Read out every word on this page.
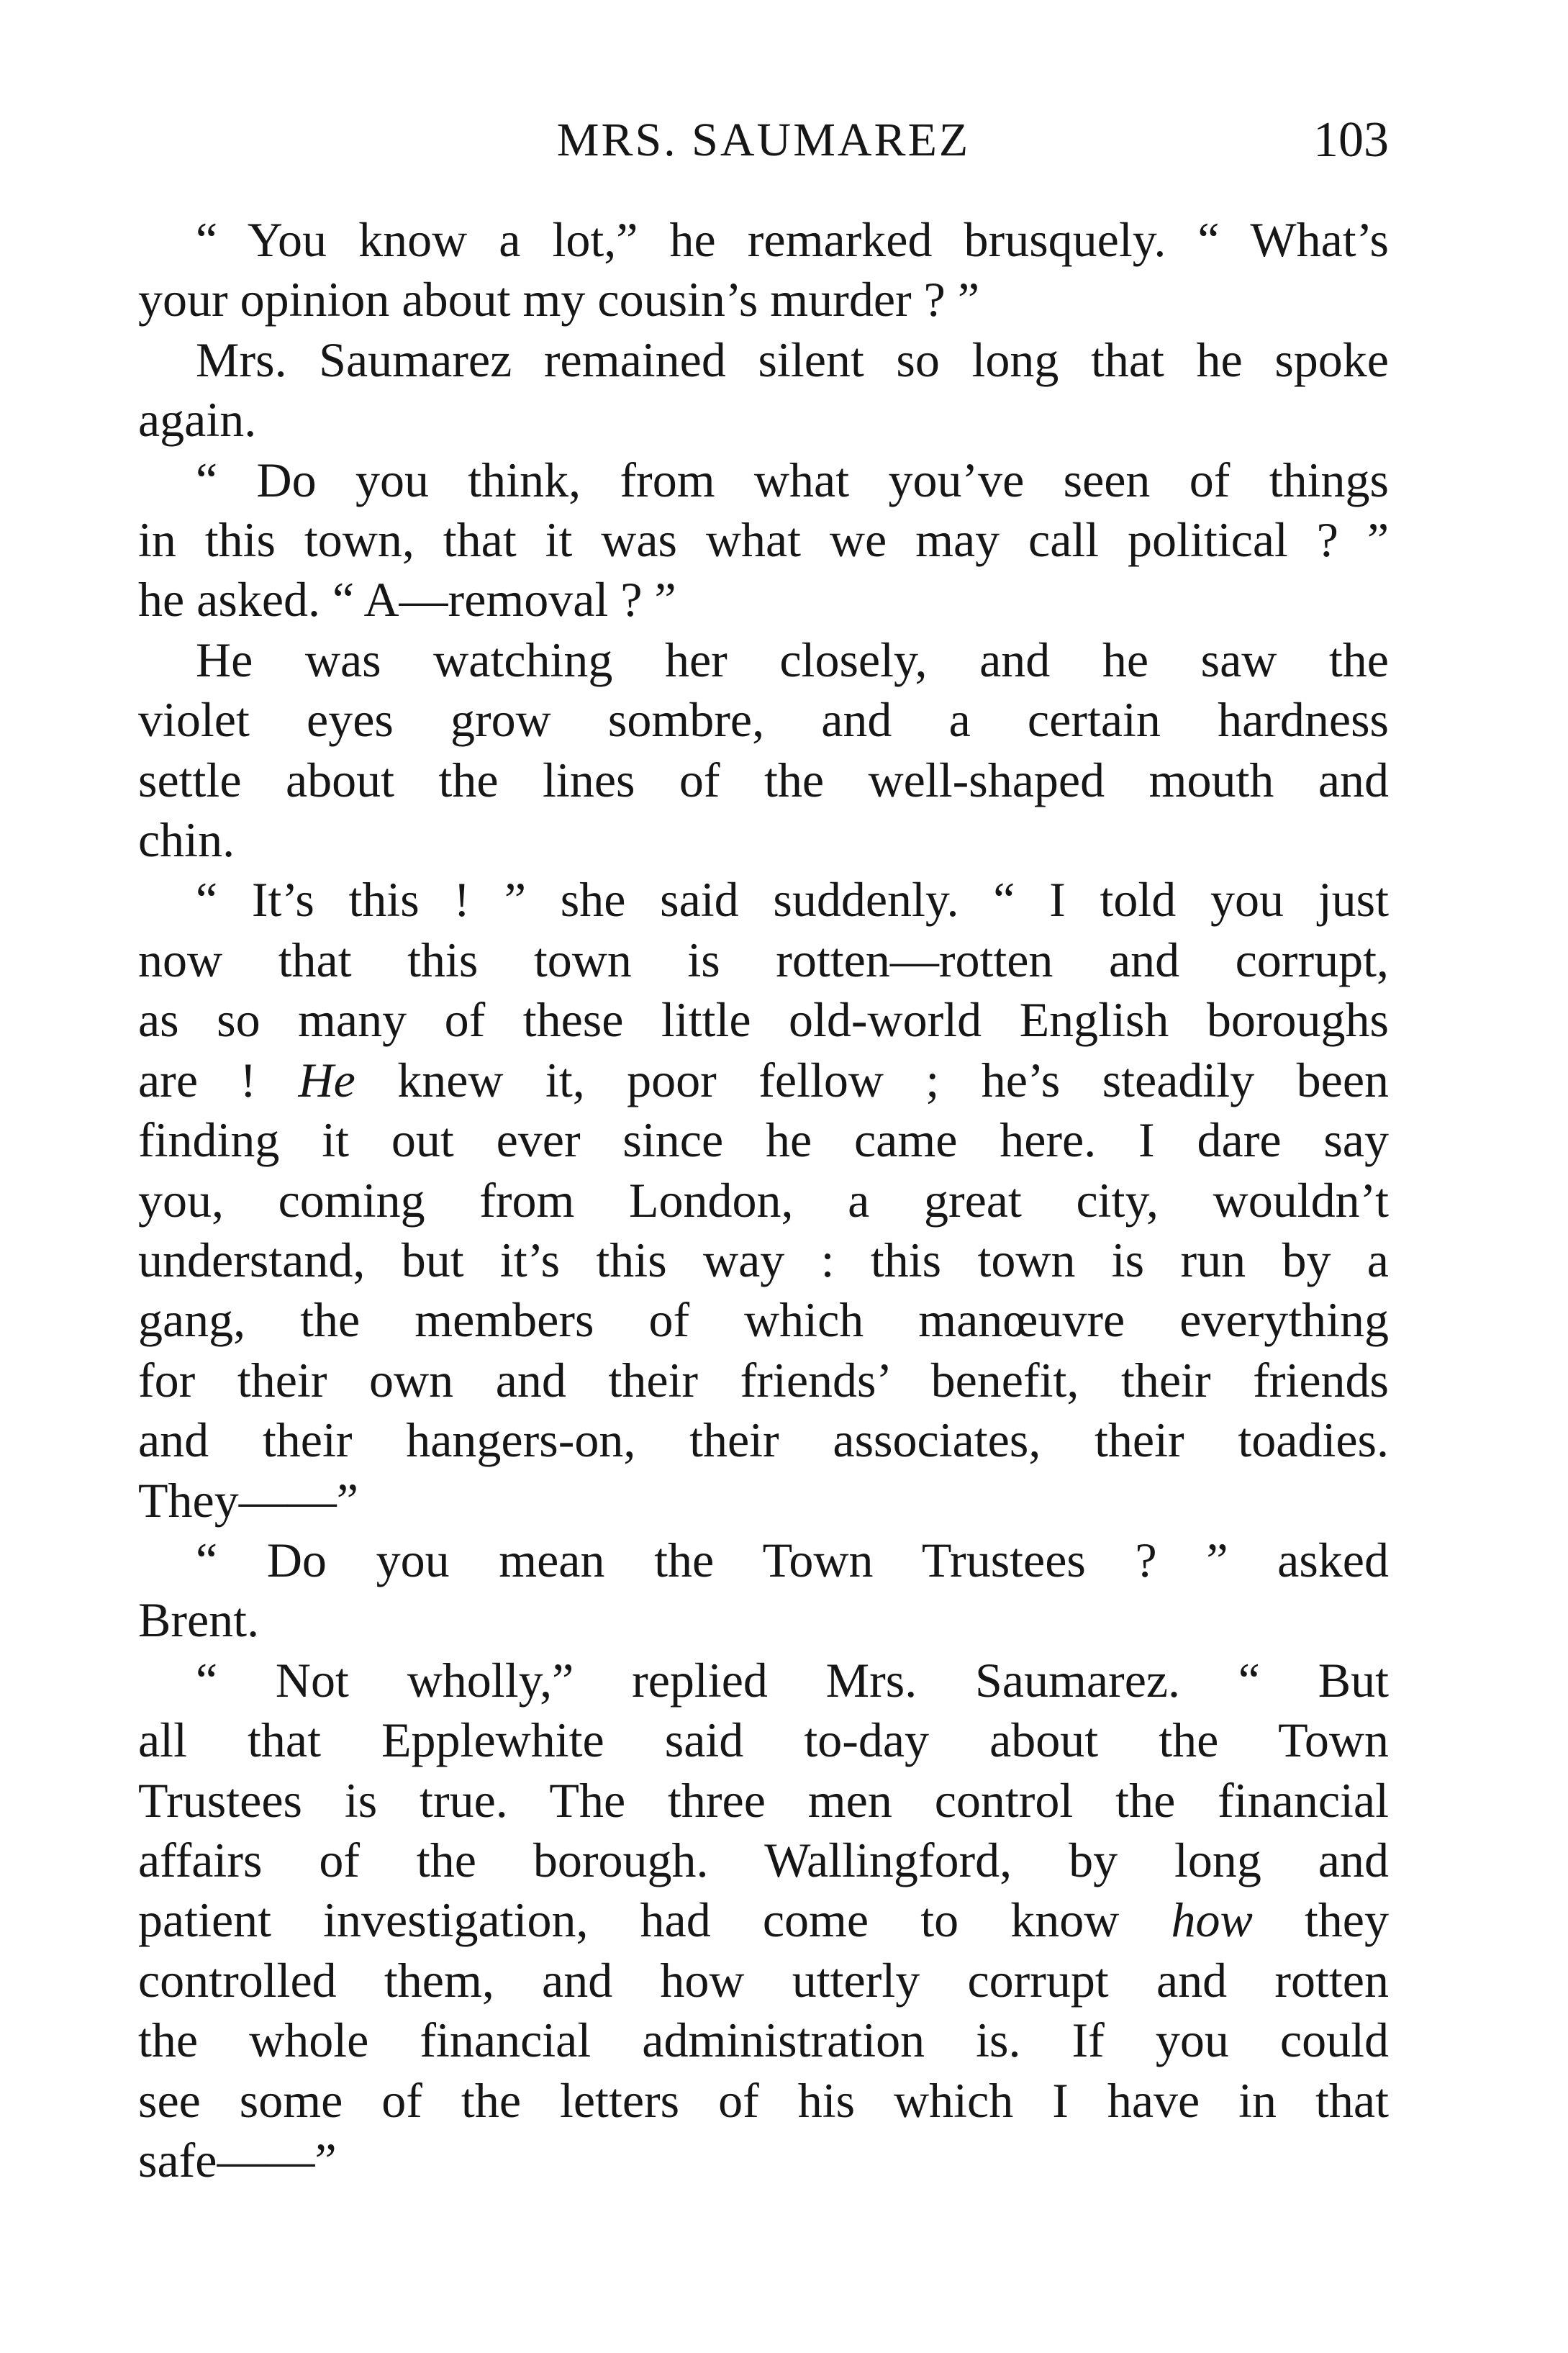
MRS. SAUMAREZ	103
“ You know a lot,” he remarked brusquely. “ What’s
your opinion about my cousin’s murder ? ”
Mrs. Saumarez remained silent so long that he spoke
again.
“ Do you think, from what you’ve seen of things
in this town, that it was what we may call political ? ”
he asked. “ A—removal ? ”
He was watching her closely, and he saw the
violet eyes grow sombre, and a certain hardness
settle about the lines of the well-shaped mouth and
chin.
“ It’s this ! ” she said suddenly. “ I told you just
now that this town is rotten—rotten and corrupt,
as so many of these little old-world English boroughs
are ! He knew it, poor fellow ; he’s steadily been
finding it out ever since he came here. I dare say
you, coming from London, a great city, wouldn’t
understand, but it’s this way : this town is run by a
gang, the members of which manœuvre everything
for their own and their friends’ benefit, their friends
and their hangers-on, their associates, their toadies.
They——”
“ Do you mean the Town Trustees ? ” asked
Brent.
“ Not wholly,” replied Mrs. Saumarez. “ But
all that Epplewhite said to-day about the Town
Trustees is true. The three men control the financial
affairs of the borough. Wallingford, by long and
patient investigation, had come to know how they
controlled them, and how utterly corrupt and rotten
the whole financial administration is. If you could
see some of the letters of his which I have in that
safe——”
